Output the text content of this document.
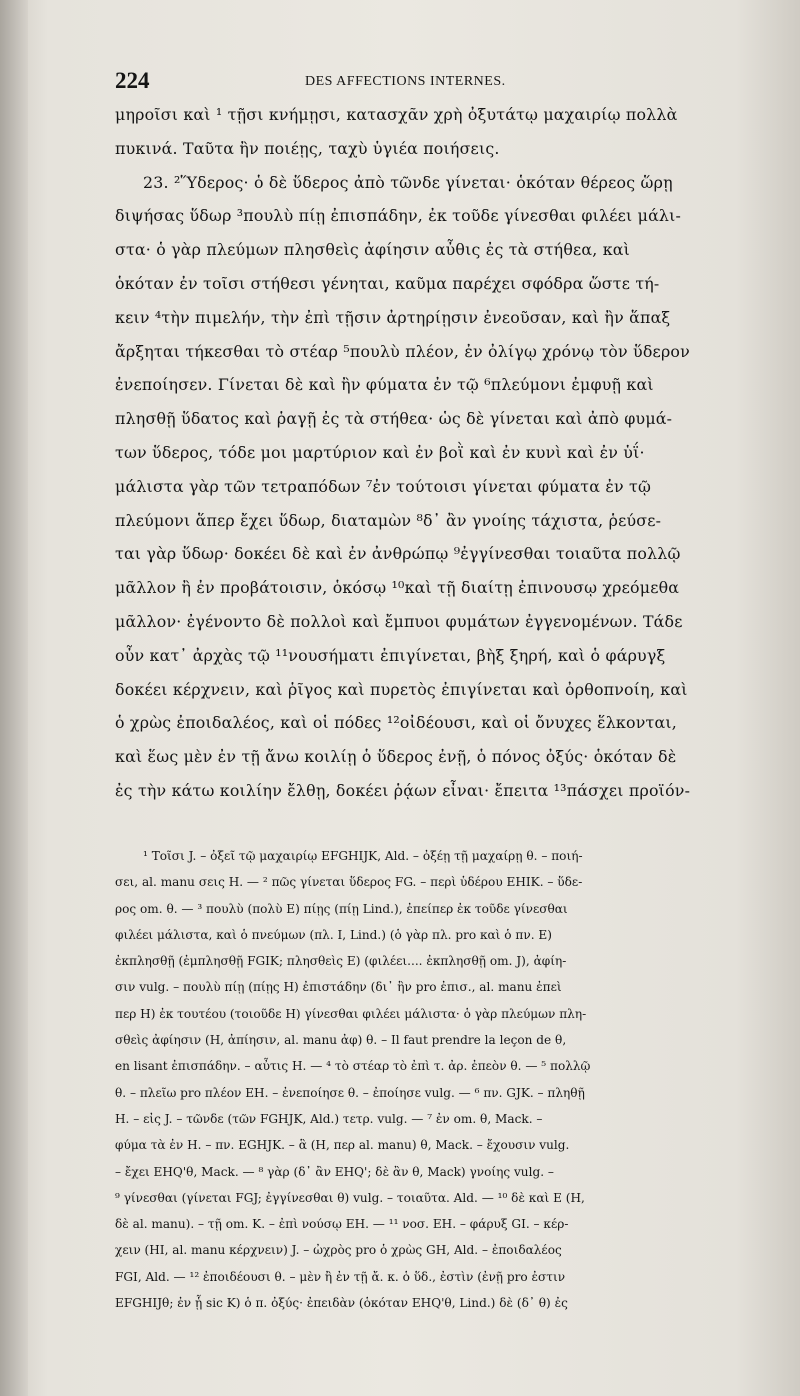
224	DES AFFECTIONS INTERNES.
μηροῖσι καὶ ¹ τῇσι κνήμῃσι, κατασχᾶν χρὴ ὀξυτάτῳ μαχαιρίῳ πολλὰ
πυκινά. Ταῦτα ἢν ποιέῃς, ταχὺ ὑγιέα ποιήσεις.
23. ²Ὕδερος· ὁ δὲ ὕδερος ἀπὸ τῶνδε γίνεται· ὁκόταν θέρεος ὥρῃ
διψήσας ὕδωρ ³πουλὺ πίῃ ἐπισπάδην, ἐκ τοῦδε γίνεσθαι φιλέει μάλι-
στα· ὁ γὰρ πλεύμων πλησθεὶς ἀφίησιν αὖθις ἐς τὰ στήθεα, καὶ
ὁκόταν ἐν τοῖσι στήθεσι γένηται, καῦμα παρέχει σφόδρα ὥστε τή-
κειν ⁴τὴν πιμελήν, τὴν ἐπὶ τῇσιν ἀρτηρίῃσιν ἐνεοῦσαν, καὶ ἢν ἅπαξ
ἄρξηται τήκεσθαι τὸ στέαρ ⁵πουλὺ πλέον, ἐν ὀλίγῳ χρόνῳ τὸν ὕδερον
ἐνεποίησεν. Γίνεται δὲ καὶ ἢν φύματα ἐν τῷ ⁶πλεύμονι ἐμφυῇ καὶ
πλησθῇ ὕδατος καὶ ῥαγῇ ἐς τὰ στήθεα· ὡς δὲ γίνεται καὶ ἀπὸ φυμά-
των ὕδερος, τόδε μοι μαρτύριον καὶ ἐν βοῒ καὶ ἐν κυνὶ καὶ ἐν ὑΐ·
μάλιστα γὰρ τῶν τετραπόδων ⁷ἐν τούτοισι γίνεται φύματα ἐν τῷ
πλεύμονι ἅπερ ἔχει ὕδωρ, διαταμὼν ⁸δ᾽ ἂν γνοίης τάχιστα, ῥεύσε-
ται γὰρ ὕδωρ· δοκέει δὲ καὶ ἐν ἀνθρώπῳ ⁹ἐγγίνεσθαι τοιαῦτα πολλῷ
μᾶλλον ἢ ἐν προβάτοισιν, ὁκόσῳ ¹⁰καὶ τῇ διαίτῃ ἐπινουσῳ χρεόμεθα
μᾶλλον· ἐγένοντο δὲ πολλοὶ καὶ ἔμπυοι φυμάτων ἐγγενομένων. Τάδε
οὖν κατ᾽ ἀρχὰς τῷ ¹¹νουσήματι ἐπιγίνεται, βὴξ ξηρή, καὶ ὁ φάρυγξ
δοκέει κέρχνειν, καὶ ῥῖγος καὶ πυρετὸς ἐπιγίνεται καὶ ὀρθοπνοίη, καὶ
ὁ χρὼς ἐποιδαλέος, καὶ οἱ πόδες ¹²οἰδέουσι, καὶ οἱ ὄνυχες ἕλκονται,
καὶ ἕως μὲν ἐν τῇ ἄνω κοιλίῃ ὁ ὕδερος ἐνῇ, ὁ πόνος ὀξύς· ὁκόταν δὲ
ἐς τὴν κάτω κοιλίην ἔλθῃ, δοκέει ῥᾴων εἶναι· ἔπειτα ¹³πάσχει προϊόν-
¹ Τοῖσι J. – ὀξεῖ τῷ μαχαιρίῳ EFGHIJK, Ald. – ὀξέῃ τῇ μαχαίρῃ θ. – ποιή-
σει, al. manu σεις H. — ² πῶς γίνεται ὕδερος FG. – περὶ ὑδέρου EHIK. – ὕδε-
ρος om. θ. — ³ πουλὺ (πολὺ E) πίῃς (πίῃ Lind.), ἐπείπερ ἐκ τοῦδε γίνεσθαι
φιλέει μάλιστα, καὶ ὁ πνεύμων (πλ. I, Lind.) (ὁ γὰρ πλ. pro καὶ ὁ πν. E)
ἐκπλησθῇ (ἐμπλησθῇ FGIK; πλησθεὶς E) (φιλέει.... ἐκπλησθῇ om. J), ἀφίη-
σιν vulg. – πουλὺ πίῃ (πίῃς H) ἐπιστάδην (δι᾽ ἣν pro ἐπισ., al. manu ἐπεὶ
περ H) ἐκ τουτέου (τοιοῦδε H) γίνεσθαι φιλέει μάλιστα· ὁ γὰρ πλεύμων πλη-
σθεὶς ἀφίησιν (H, ἀπίησιν, al. manu ἀφ) θ. – Il faut prendre la leçon de θ,
en lisant ἐπισπάδην. – αὖτις H. — ⁴ τὸ στέαρ τὸ ἐπὶ τ. ἀρ. ἐπεὸν θ. — ⁵ πολλῷ
θ. – πλεῖω pro πλέον EH. – ἐνεποίησε θ. – ἐποίησε vulg. — ⁶ πν. GJK. – πληθῇ
H. – εἰς J. – τῶνδε (τῶν FGHJK, Ald.) τετρ. vulg. — ⁷ ἐν om. θ, Mack. –
φύμα τὰ ἐν H. – πν. EGHJK. – ἃ (H, περ al. manu) θ, Mack. – ἔχουσιν vulg.
– ἔχει EHQ'θ, Mack. — ⁸ γὰρ (δ᾽ ἂν EHQ'; δὲ ἂν θ, Mack) γνοίης vulg. –
⁹ γίνεσθαι (γίνεται FGJ; ἐγγίνεσθαι θ) vulg. – τοιαῦτα. Ald. — ¹⁰ δὲ καὶ E (H,
δὲ al. manu). – τῇ om. K. – ἐπὶ νούσῳ EH. — ¹¹ νοσ. EH. – φάρυξ GI. – κέρ-
χειν (HI, al. manu κέρχνειν) J. – ὠχρὸς pro ὁ χρὼς GH, Ald. – ἐποιδαλέος
FGI, Ald. — ¹² ἐποιδέουσι θ. – μὲν ἢ ἐν τῇ ἄ. κ. ὁ ὕδ., ἐστὶν (ἐνῇ pro ἐστιν
EFGHIJθ; ἐν ᾗ sic K) ὁ π. ὀξύς· ἐπειδὰν (ὁκόταν EHQ'θ, Lind.) δὲ (δ᾽ θ) ἐς
